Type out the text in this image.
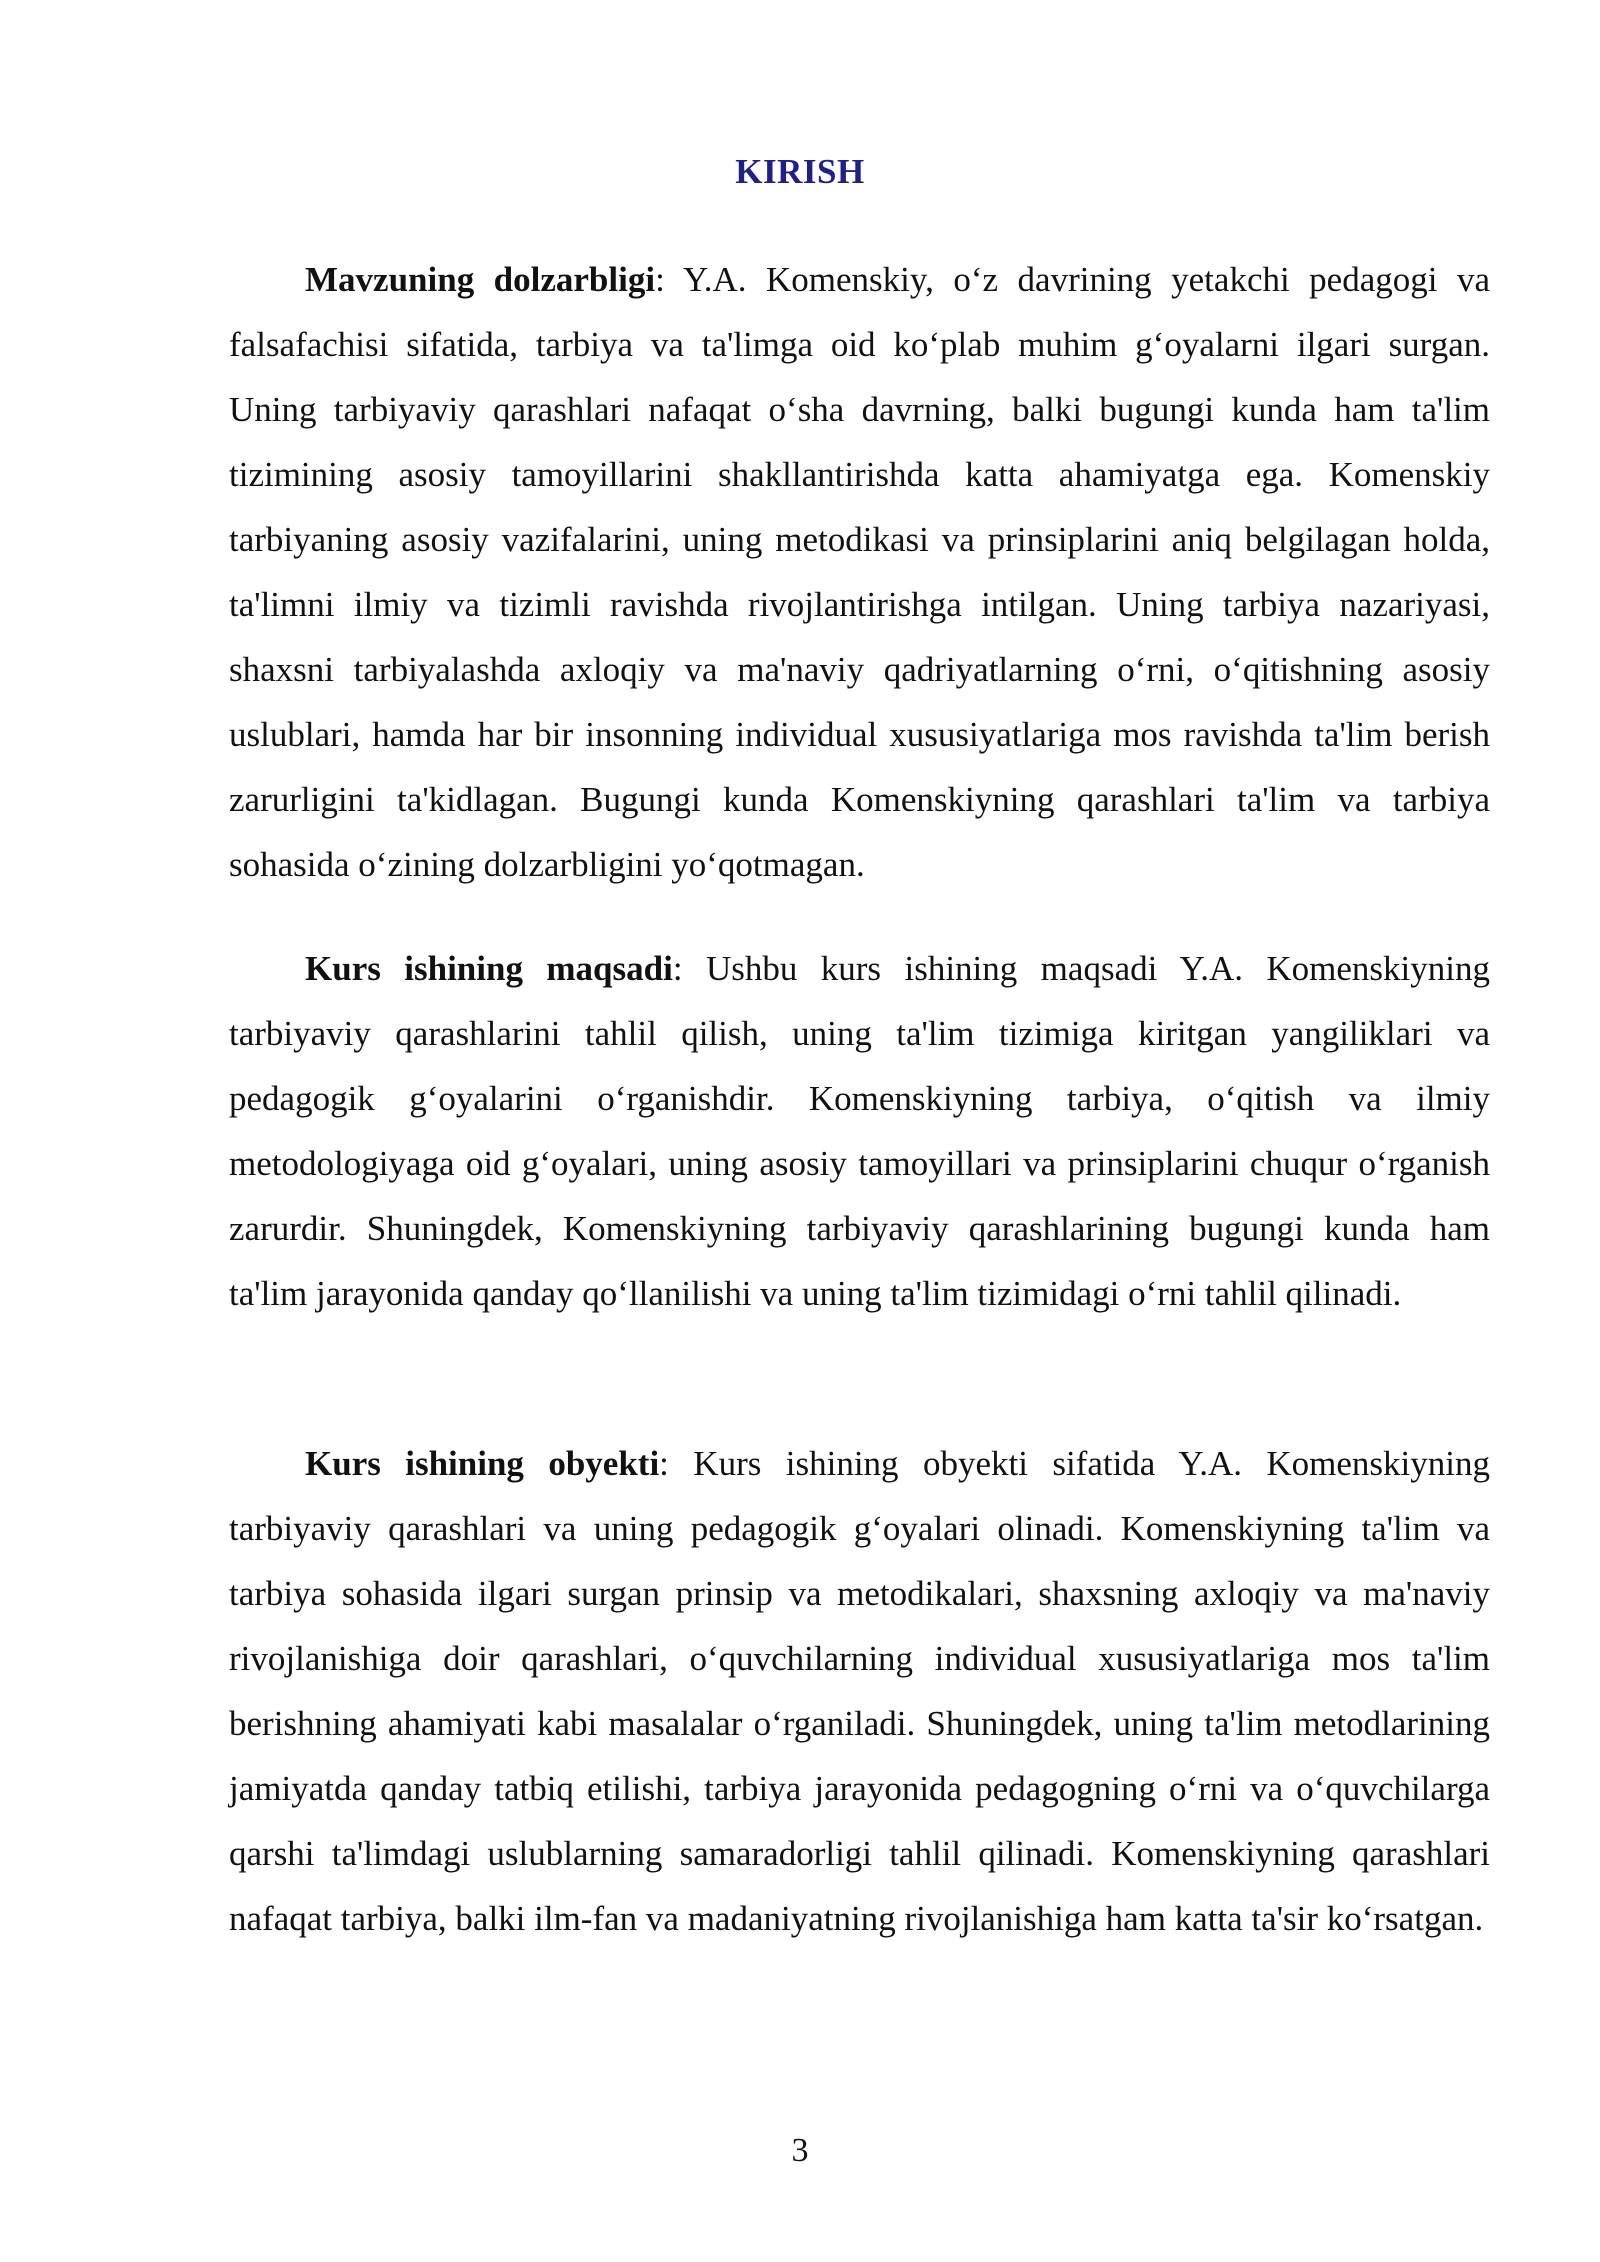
KIRISH

Mavzuning dolzarbligi: Y.A. Komenskiy, o‘z davrining yetakchi pedagogi va falsafachisi sifatida, tarbiya va ta'limga oid ko‘plab muhim g‘oyalarni ilgari surgan. Uning tarbiyaviy qarashlari nafaqat o‘sha davrning, balki bugungi kunda ham ta'lim tizimining asosiy tamoyillarini shakllantirishda katta ahamiyatga ega. Komenskiy tarbiyaning asosiy vazifalarini, uning metodikasi va prinsiplarini aniq belgilagan holda, ta'limni ilmiy va tizimli ravishda rivojlantirishga intilgan. Uning tarbiya nazariyasi, shaxsni tarbiyalashda axloqiy va ma'naviy qadriyatlarning o‘rni, o‘qitishning asosiy uslublari, hamda har bir insonning individual xususiyatlariga mos ravishda ta'lim berish zarurligini ta'kidlagan. Bugungi kunda Komenskiyning qarashlari ta'lim va tarbiya sohasida o‘zining dolzarbligini yo‘qotmagan.

Kurs ishining maqsadi: Ushbu kurs ishining maqsadi Y.A. Komenskiyning tarbiyaviy qarashlarini tahlil qilish, uning ta'lim tizimiga kiritgan yangiliklari va pedagogik g‘oyalarini o‘rganishdir. Komenskiyning tarbiya, o‘qitish va ilmiy metodologiyaga oid g‘oyalari, uning asosiy tamoyillari va prinsiplarini chuqur o‘rganish zarurdir. Shuningdek, Komenskiyning tarbiyaviy qarashlarining bugungi kunda ham ta'lim jarayonida qanday qo‘llanilishi va uning ta'lim tizimidagi o‘rni tahlil qilinadi.

Kurs ishining obyekti: Kurs ishining obyekti sifatida Y.A. Komenskiyning tarbiyaviy qarashlari va uning pedagogik g‘oyalari olinadi. Komenskiyning ta'lim va tarbiya sohasida ilgari surgan prinsip va metodikalari, shaxsning axloqiy va ma'naviy rivojlanishiga doir qarashlari, o‘quvchilarning individual xususiyatlariga mos ta'lim berishning ahamiyati kabi masalalar o‘rganiladi. Shuningdek, uning ta'lim metodlarining jamiyatda qanday tatbiq etilishi, tarbiya jarayonida pedagogning o‘rni va o‘quvchilarga qarshi ta'limdagi uslublarning samaradorligi tahlil qilinadi. Komenskiyning qarashlari nafaqat tarbiya, balki ilm-fan va madaniyatning rivojlanishiga ham katta ta'sir ko‘rsatgan.

3
